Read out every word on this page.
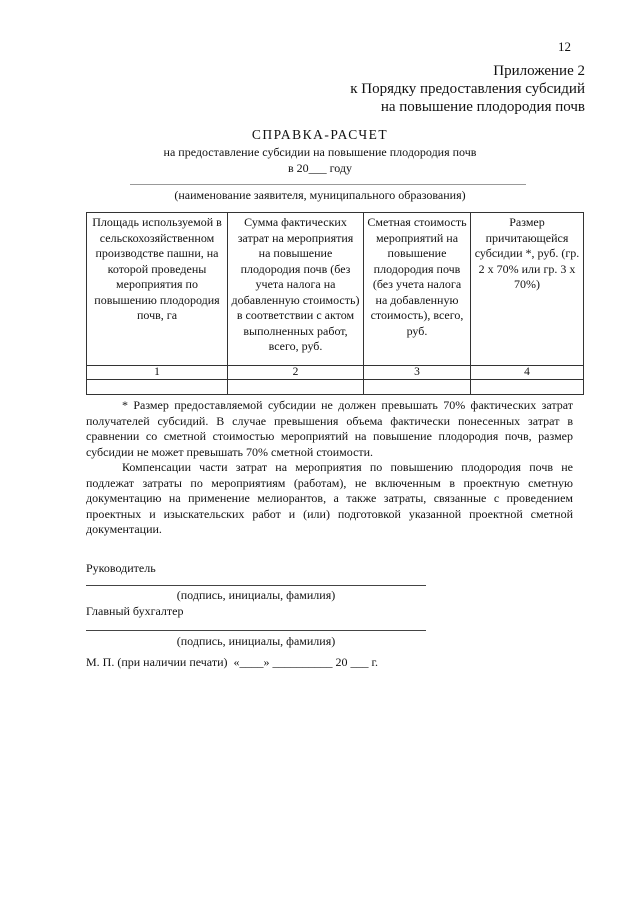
12
Приложение 2
к Порядку предоставления субсидий
на повышение плодородия почв
СПРАВКА-РАСЧЕТ
на предоставление субсидии на повышение плодородия почв
в 20___ году
(наименование заявителя, муниципального образования)
Площадь используемой в сельскохозяйственном производстве пашни, на которой проведены мероприятия по повышению плодородия почв, га	Сумма фактических затрат на мероприятия на повышение плодородия почв (без учета налога на добавленную стоимость) в соответствии с актом выполненных работ, всего, руб.	Сметная стоимость мероприятий на повышение плодородия почв (без учета налога на добавленную стоимость), всего, руб.	Размер причитающейся субсидии *, руб. (гр. 2 х 70% или гр. 3 х 70%)
1	2	3	4

* Размер предоставляемой субсидии не должен превышать 70% фактических затрат получателей субсидий. В случае превышения объема фактически понесенных затрат в сравнении со сметной стоимостью мероприятий на повышение плодородия почв, размер субсидии не может превышать 70% сметной стоимости.

Компенсации части затрат на мероприятия по повышению плодородия почв не подлежат затраты по мероприятиям (работам), не включенным в проектную сметную документацию на применение мелиорантов, а также затраты, связанные с проведением проектных и изыскательских работ и (или) подготовкой указанной проектной сметной документации.

Руководитель
(подпись, инициалы, фамилия)
Главный бухгалтер
(подпись, инициалы, фамилия)
М. П. (при наличии печати)  «____» __________ 20 ___ г.
